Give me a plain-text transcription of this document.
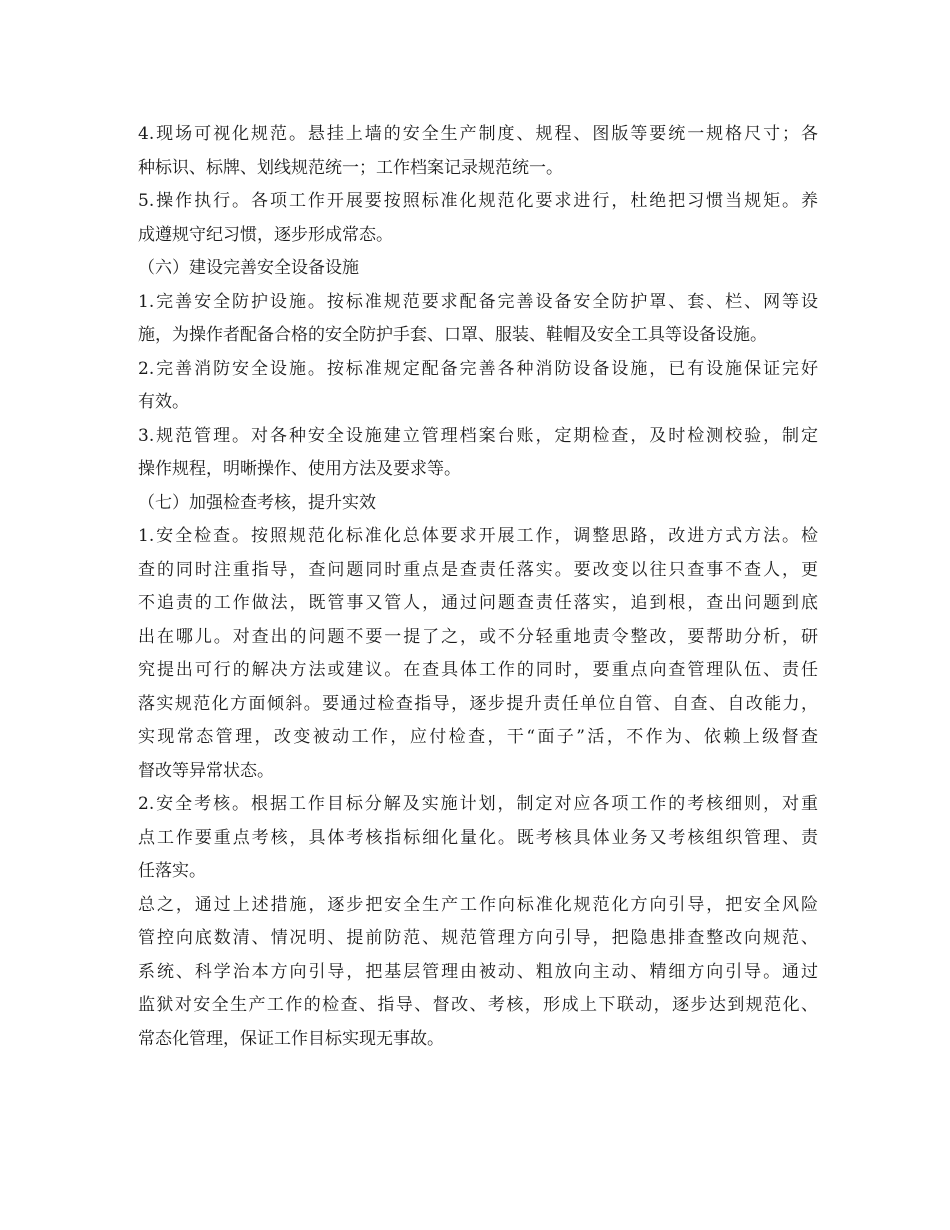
4.现场可视化规范。悬挂上墙的安全生产制度、规程、图版等要统一规格尺寸；各
种标识、标牌、划线规范统一；工作档案记录规范统一。
5.操作执行。各项工作开展要按照标准化规范化要求进行，杜绝把习惯当规矩。养
成遵规守纪习惯，逐步形成常态。
（六）建设完善安全设备设施
1.完善安全防护设施。按标准规范要求配备完善设备安全防护罩、套、栏、网等设
施，为操作者配备合格的安全防护手套、口罩、服装、鞋帽及安全工具等设备设施。
2.完善消防安全设施。按标准规定配备完善各种消防设备设施，已有设施保证完好
有效。
3.规范管理。对各种安全设施建立管理档案台账，定期检查，及时检测校验，制定
操作规程，明晰操作、使用方法及要求等。
（七）加强检查考核，提升实效
1.安全检查。按照规范化标准化总体要求开展工作，调整思路，改进方式方法。检
查的同时注重指导，查问题同时重点是查责任落实。要改变以往只查事不查人，更
不追责的工作做法，既管事又管人，通过问题查责任落实，追到根，查出问题到底
出在哪儿。对查出的问题不要一提了之，或不分轻重地责令整改，要帮助分析，研
究提出可行的解决方法或建议。在查具体工作的同时，要重点向查管理队伍、责任
落实规范化方面倾斜。要通过检查指导，逐步提升责任单位自管、自查、自改能力，
实现常态管理，改变被动工作，应付检查，干“面子”活，不作为、依赖上级督查
督改等异常状态。
2.安全考核。根据工作目标分解及实施计划，制定对应各项工作的考核细则，对重
点工作要重点考核，具体考核指标细化量化。既考核具体业务又考核组织管理、责
任落实。
总之，通过上述措施，逐步把安全生产工作向标准化规范化方向引导，把安全风险
管控向底数清、情况明、提前防范、规范管理方向引导，把隐患排查整改向规范、
系统、科学治本方向引导，把基层管理由被动、粗放向主动、精细方向引导。通过
监狱对安全生产工作的检查、指导、督改、考核，形成上下联动，逐步达到规范化、
常态化管理，保证工作目标实现无事故。
